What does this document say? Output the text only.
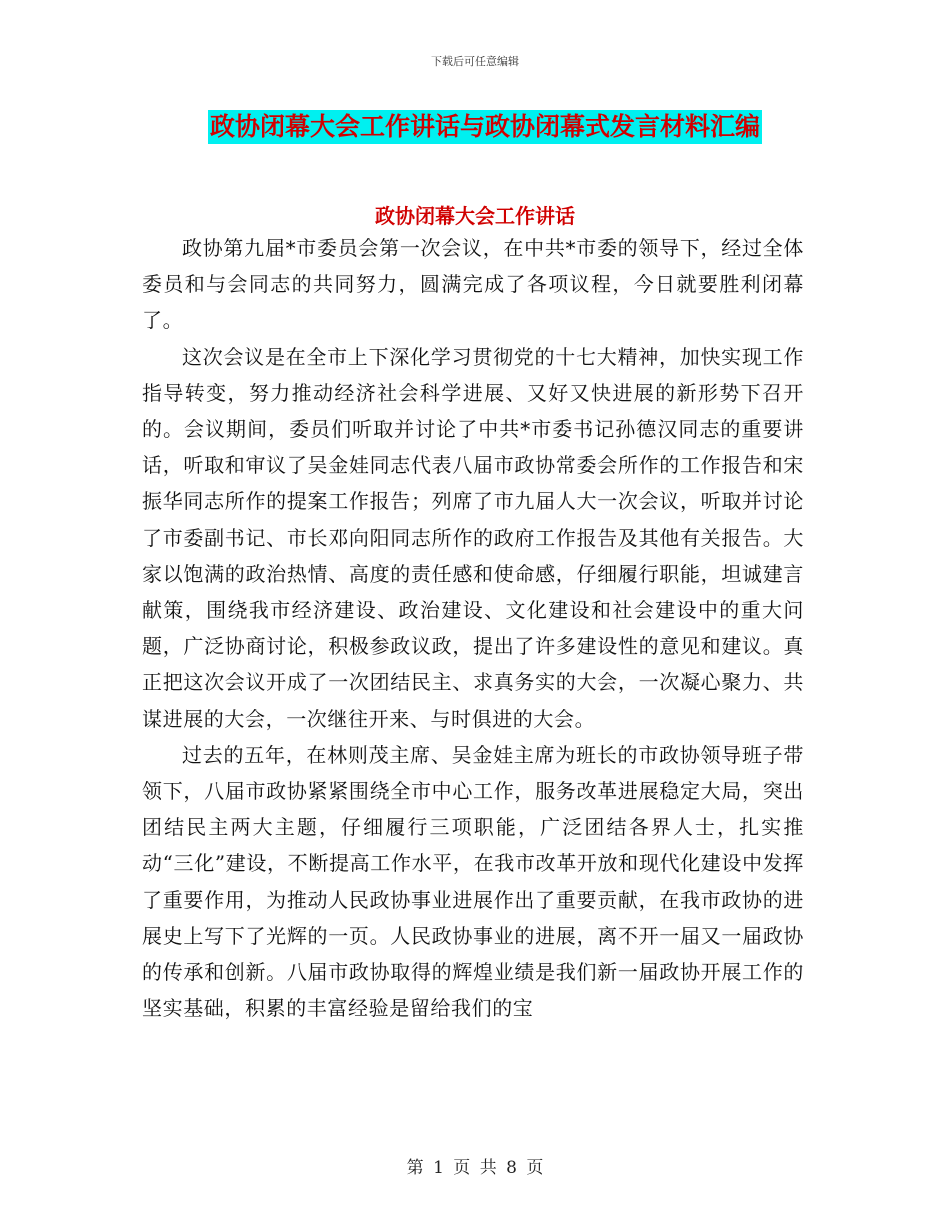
下载后可任意编辑
政协闭幕大会工作讲话与政协闭幕式发言材料汇编
政协闭幕大会工作讲话

政协第九届*市委员会第一次会议，在中共*市委的领导下，经过全体委员和与会同志的共同努力，圆满完成了各项议程，今日就要胜利闭幕了。

这次会议是在全市上下深化学习贯彻党的十七大精神，加快实现工作指导转变，努力推动经济社会科学进展、又好又快进展的新形势下召开的。会议期间，委员们听取并讨论了中共*市委书记孙德汉同志的重要讲话，听取和审议了吴金娃同志代表八届市政协常委会所作的工作报告和宋振华同志所作的提案工作报告；列席了市九届人大一次会议，听取并讨论了市委副书记、市长邓向阳同志所作的政府工作报告及其他有关报告。大家以饱满的政治热情、高度的责任感和使命感，仔细履行职能，坦诚建言献策，围绕我市经济建设、政治建设、文化建设和社会建设中的重大问题，广泛协商讨论，积极参政议政，提出了许多建设性的意见和建议。真正把这次会议开成了一次团结民主、求真务实的大会，一次凝心聚力、共谋进展的大会，一次继往开来、与时俱进的大会。

过去的五年，在林则茂主席、吴金娃主席为班长的市政协领导班子带领下，八届市政协紧紧围绕全市中心工作，服务改革进展稳定大局，突出团结民主两大主题，仔细履行三项职能，广泛团结各界人士，扎实推动“三化”建设，不断提高工作水平，在我市改革开放和现代化建设中发挥了重要作用，为推动人民政协事业进展作出了重要贡献，在我市政协的进展史上写下了光辉的一页。人民政协事业的进展，离不开一届又一届政协的传承和创新。八届市政协取得的辉煌业绩是我们新一届政协开展工作的坚实基础，积累的丰富经验是留给我们的宝

第 1 页 共 8 页
